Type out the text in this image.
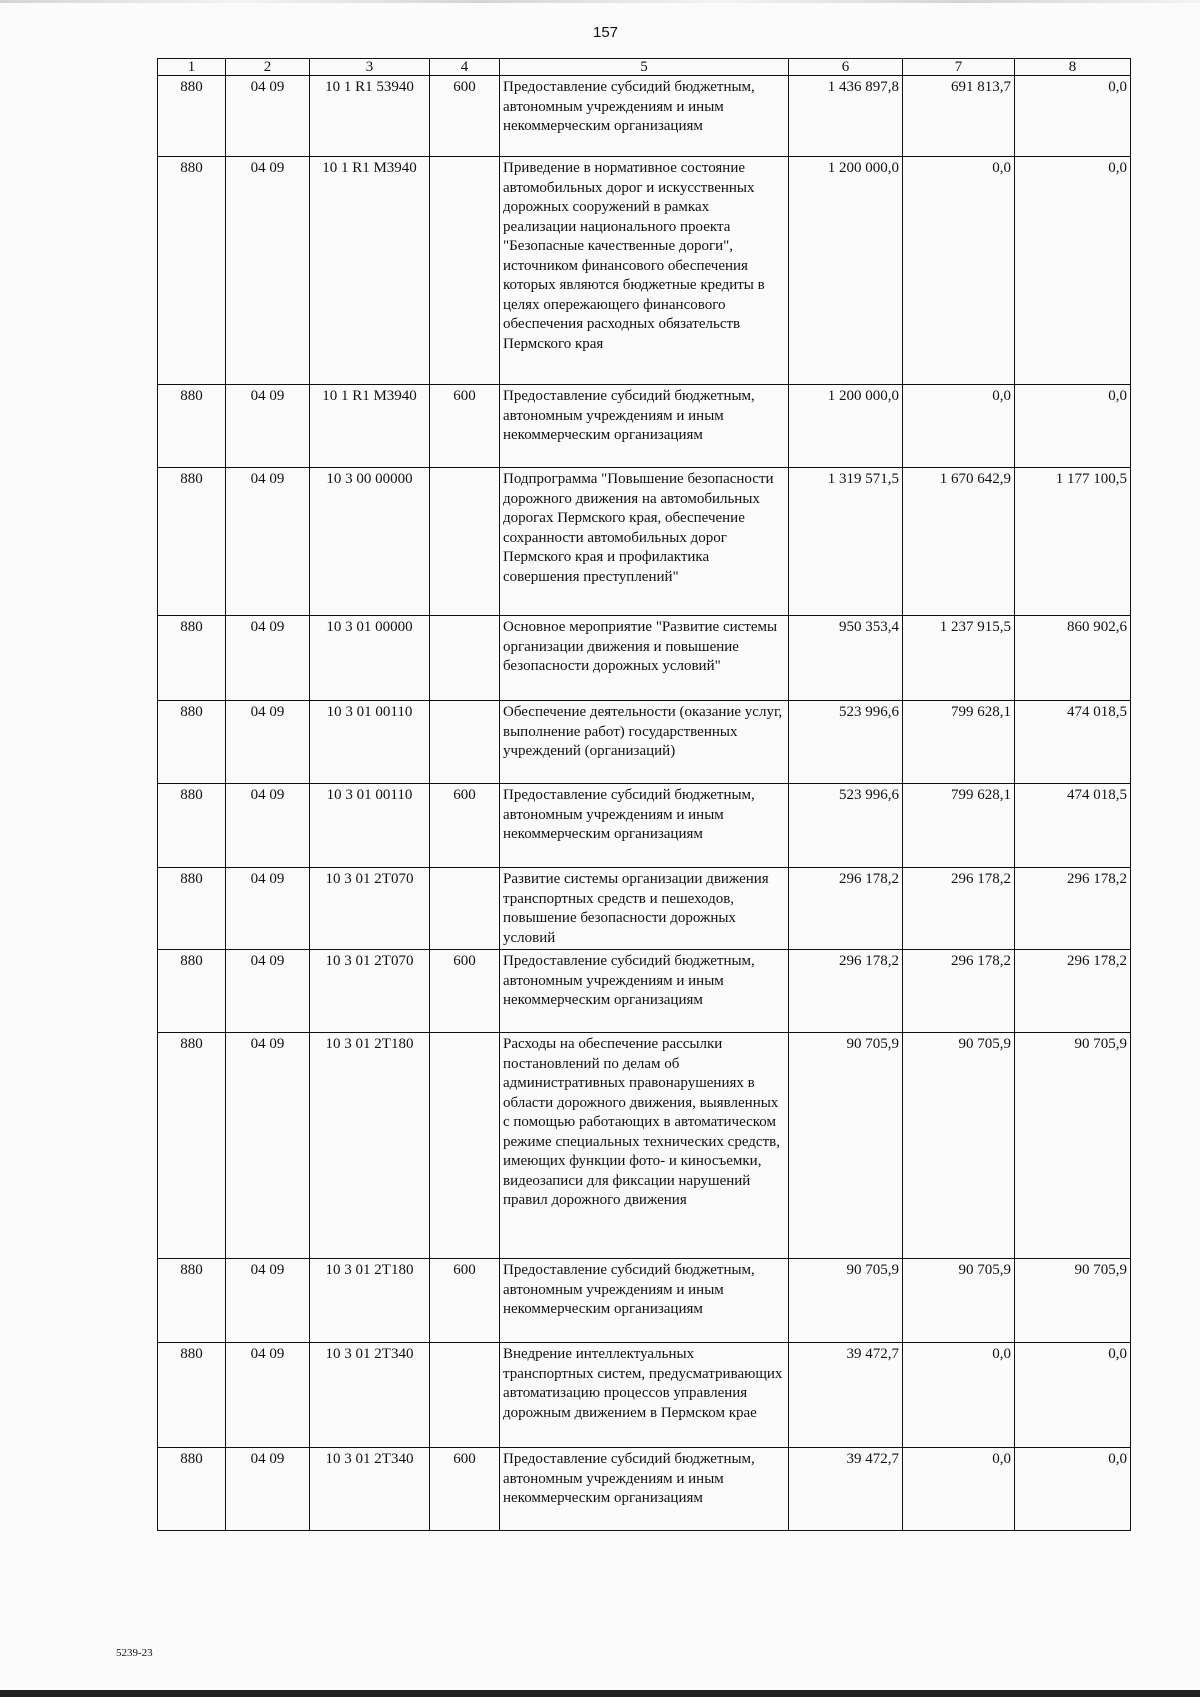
157
1	2	3	4	5	6	7	8
880	04 09	10 1 R1 53940	600	Предоставление субсидий бюджетным, автономным учреждениям и иным некоммерческим организациям	1 436 897,8	691 813,7	0,0
880	04 09	10 1 R1 М3940		Приведение в нормативное состояние автомобильных дорог и искусственных дорожных сооружений в рамках реализации национального проекта "Безопасные качественные дороги", источником финансового обеспечения которых являются бюджетные кредиты в целях опережающего финансового обеспечения расходных обязательств Пермского края	1 200 000,0	0,0	0,0
880	04 09	10 1 R1 М3940	600	Предоставление субсидий бюджетным, автономным учреждениям и иным некоммерческим организациям	1 200 000,0	0,0	0,0
880	04 09	10 3 00 00000		Подпрограмма "Повышение безопасности дорожного движения на автомобильных дорогах Пермского края, обеспечение сохранности автомобильных дорог Пермского края и профилактика совершения преступлений"	1 319 571,5	1 670 642,9	1 177 100,5
880	04 09	10 3 01 00000		Основное мероприятие "Развитие системы организации движения и повышение безопасности дорожных условий"	950 353,4	1 237 915,5	860 902,6
880	04 09	10 3 01 00110		Обеспечение деятельности (оказание услуг, выполнение работ) государственных учреждений (организаций)	523 996,6	799 628,1	474 018,5
880	04 09	10 3 01 00110	600	Предоставление субсидий бюджетным, автономным учреждениям и иным некоммерческим организациям	523 996,6	799 628,1	474 018,5
880	04 09	10 3 01 2Т070		Развитие системы организации движения транспортных средств и пешеходов, повышение безопасности дорожных условий	296 178,2	296 178,2	296 178,2
880	04 09	10 3 01 2Т070	600	Предоставление субсидий бюджетным, автономным учреждениям и иным некоммерческим организациям	296 178,2	296 178,2	296 178,2
880	04 09	10 3 01 2Т180		Расходы на обеспечение рассылки постановлений по делам об административных правонарушениях в области дорожного движения, выявленных с помощью работающих в автоматическом режиме специальных технических средств, имеющих функции фото- и киносъемки, видеозаписи для фиксации нарушений правил дорожного движения	90 705,9	90 705,9	90 705,9
880	04 09	10 3 01 2Т180	600	Предоставление субсидий бюджетным, автономным учреждениям и иным некоммерческим организациям	90 705,9	90 705,9	90 705,9
880	04 09	10 3 01 2Т340		Внедрение интеллектуальных транспортных систем, предусматривающих автоматизацию процессов управления дорожным движением в Пермском крае	39 472,7	0,0	0,0
880	04 09	10 3 01 2Т340	600	Предоставление субсидий бюджетным, автономным учреждениям и иным некоммерческим организациям	39 472,7	0,0	0,0
5239-23
